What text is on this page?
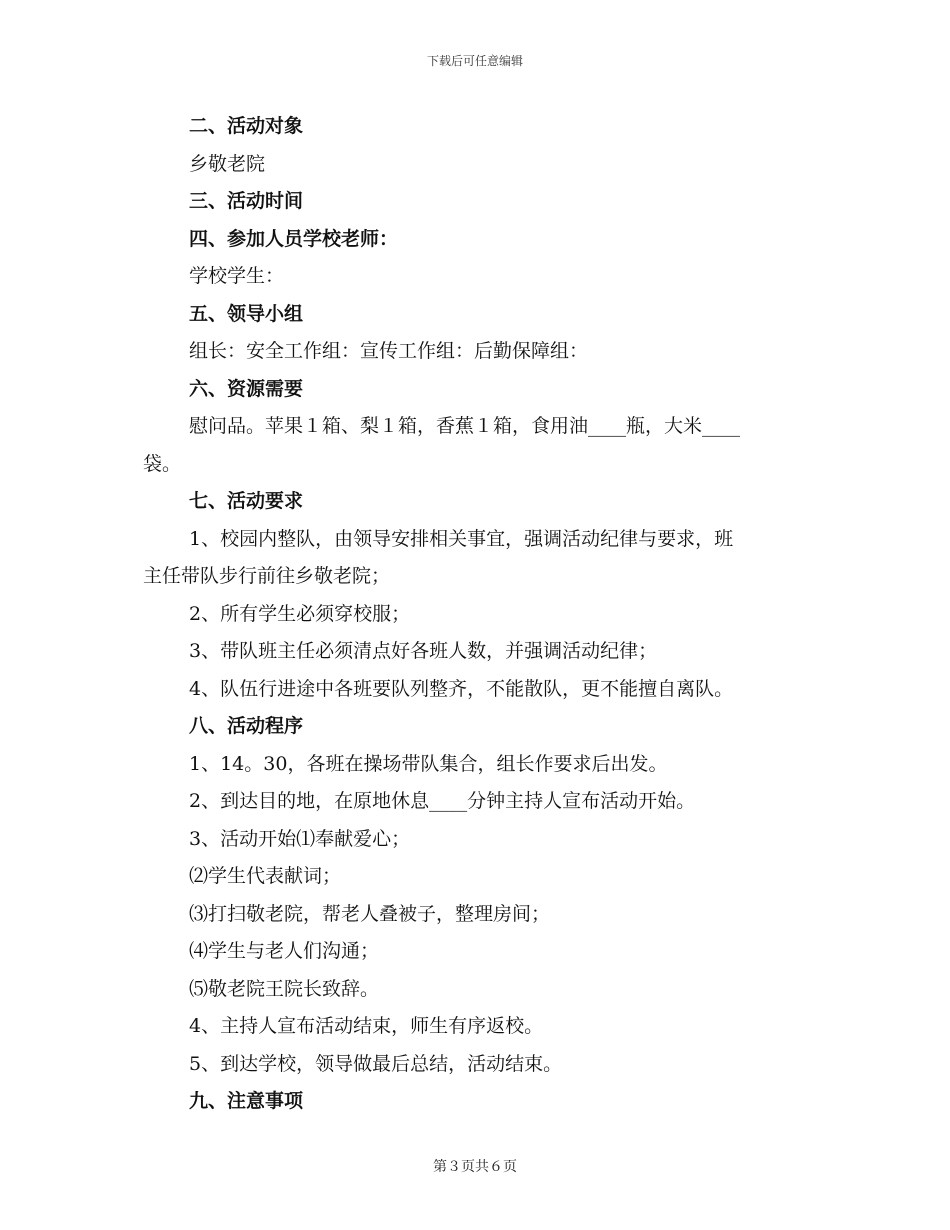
下载后可任意编辑
二、活动对象
乡敬老院
三、活动时间
四、参加人员学校老师：
学校学生：
五、领导小组
组长：安全工作组：宣传工作组：后勤保障组：
六、资源需要
慰问品。苹果１箱、梨１箱，香蕉１箱，食用油____瓶，大米____
袋。
七、活动要求
1、校园内整队，由领导安排相关事宜，强调活动纪律与要求，班
主任带队步行前往乡敬老院；
2、所有学生必须穿校服；
3、带队班主任必须清点好各班人数，并强调活动纪律；
4、队伍行进途中各班要队列整齐，不能散队，更不能擅自离队。
八、活动程序
1、14。30，各班在操场带队集合，组长作要求后出发。
2、到达目的地，在原地休息____分钟主持人宣布活动开始。
3、活动开始⑴奉献爱心；
⑵学生代表献词；
⑶打扫敬老院，帮老人叠被子，整理房间；
⑷学生与老人们沟通；
⑸敬老院王院长致辞。
4、主持人宣布活动结束，师生有序返校。
5、到达学校，领导做最后总结，活动结束。
九、注意事项
第３页共６页
